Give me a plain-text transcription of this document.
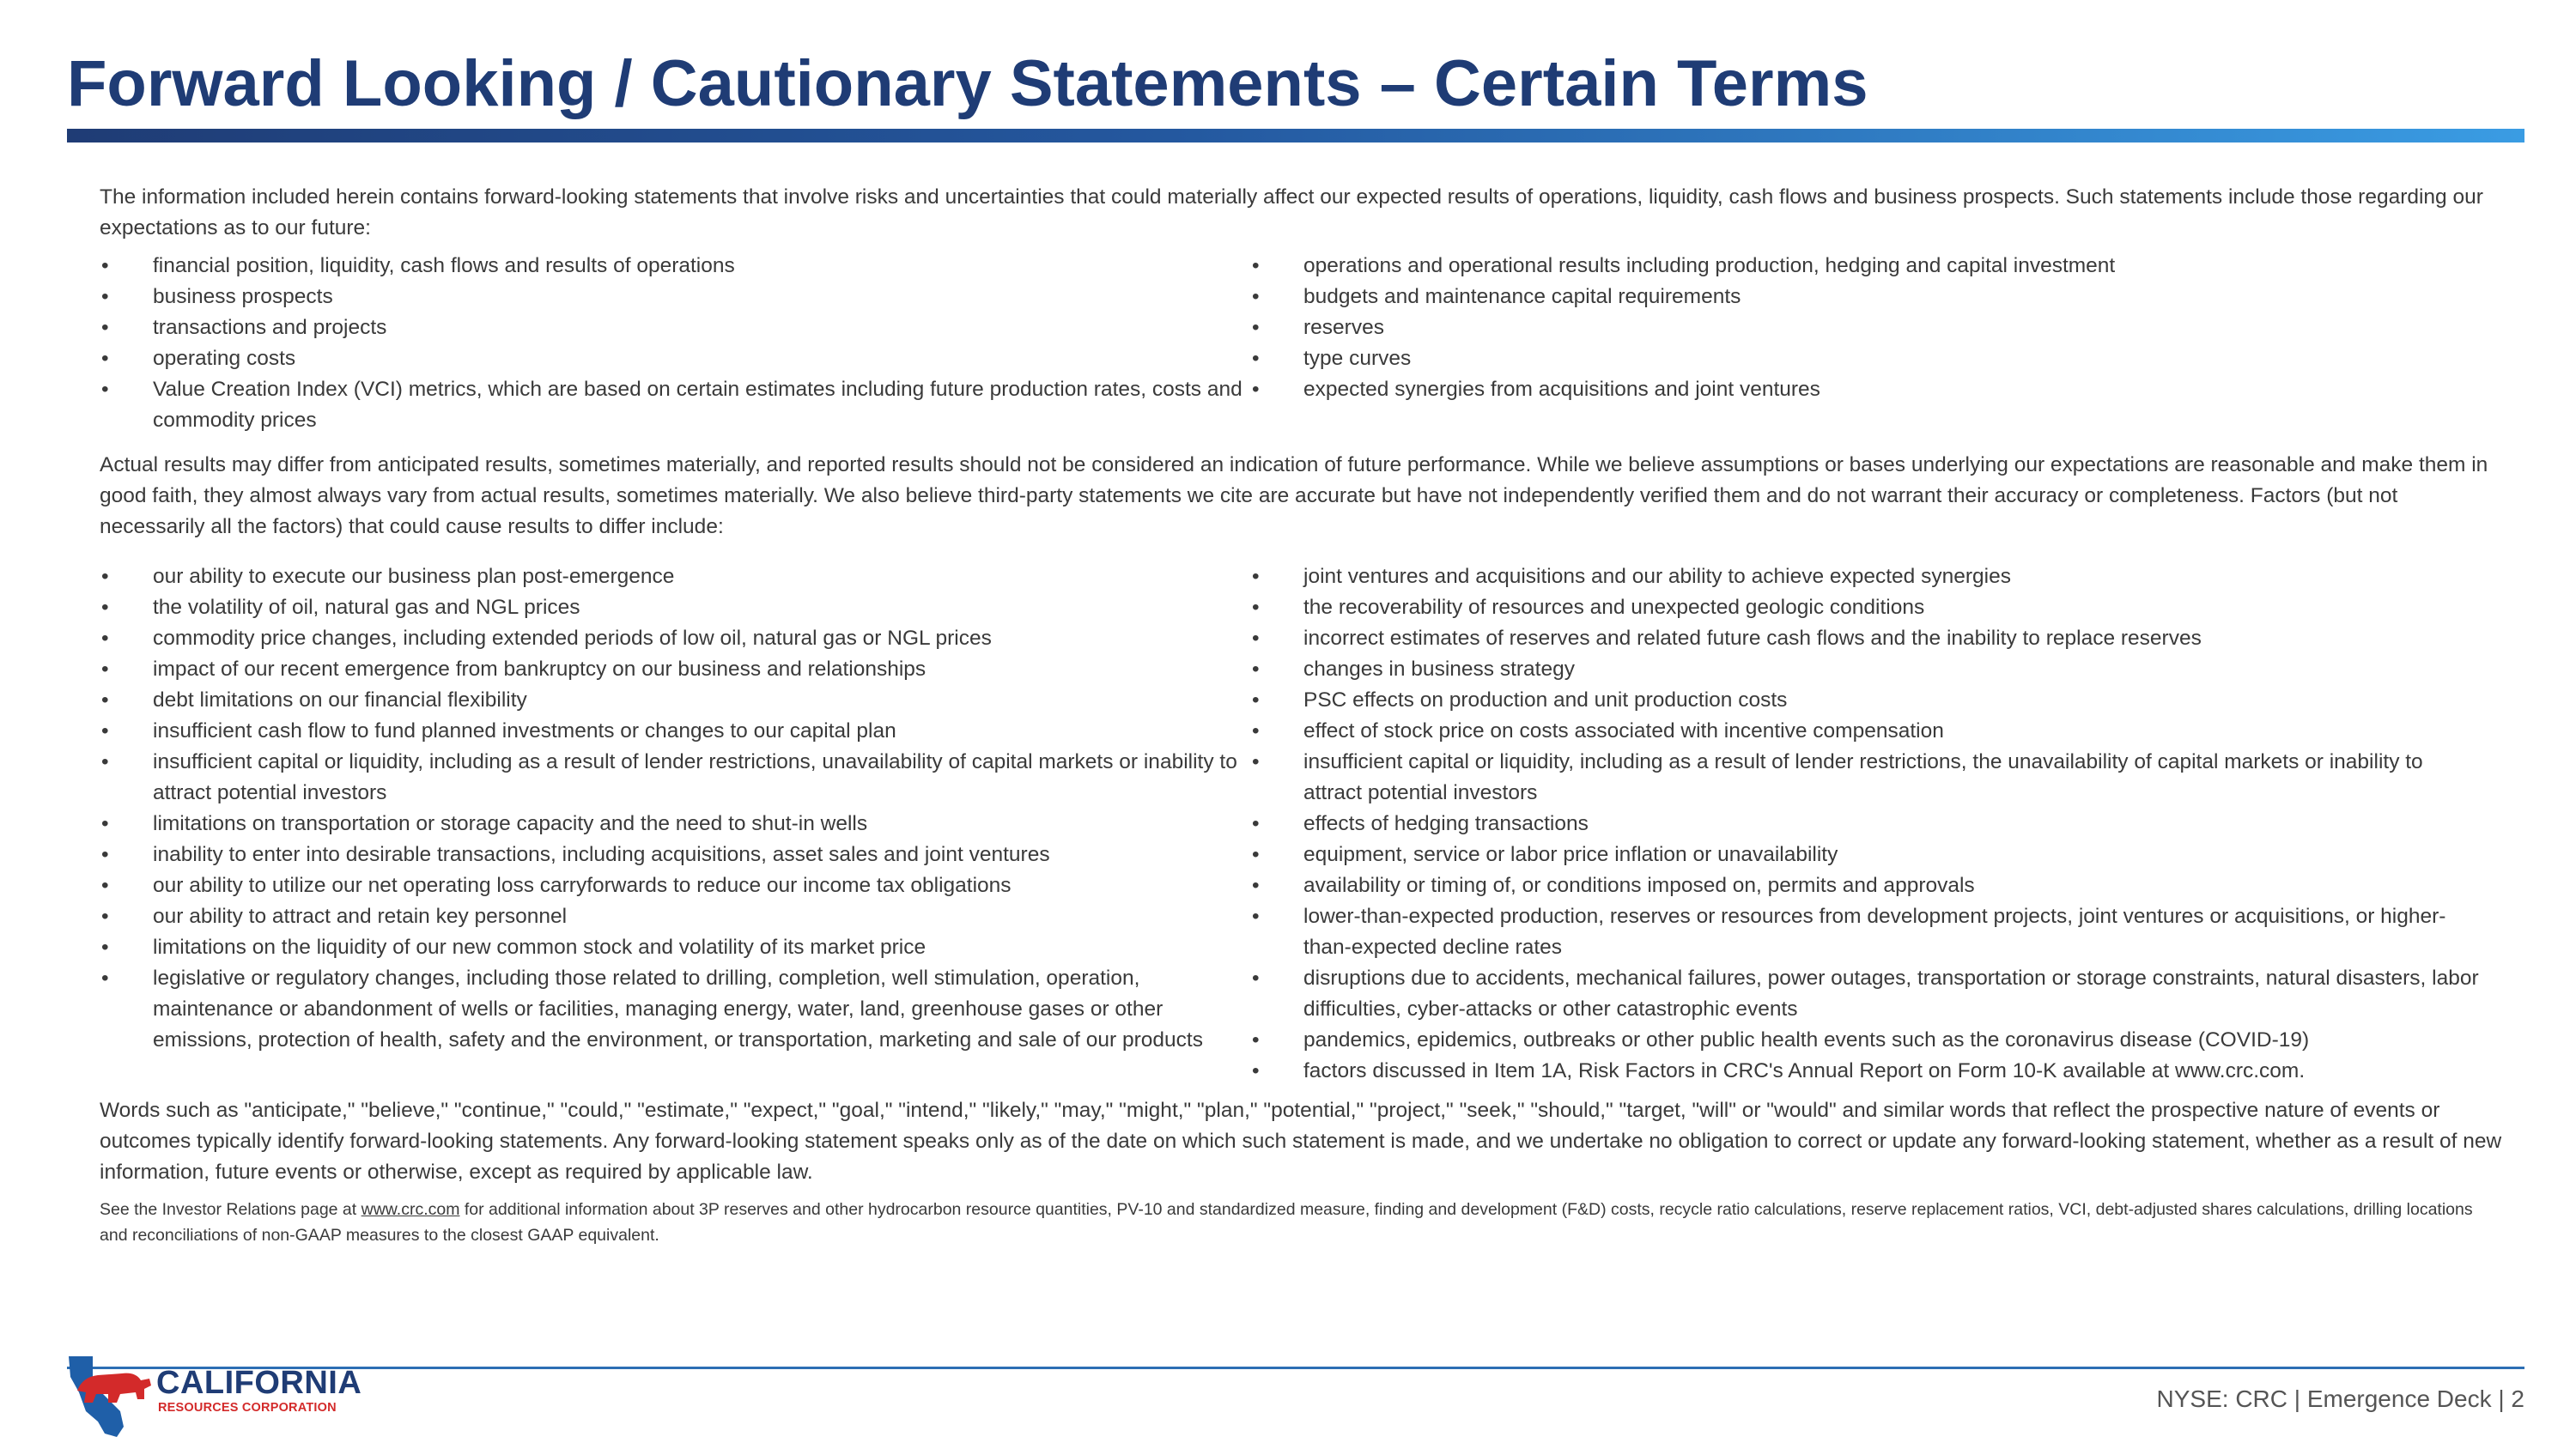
Forward Looking / Cautionary Statements – Certain Terms

The information included herein contains forward-looking statements that involve risks and uncertainties that could materially affect our expected results of operations, liquidity, cash flows and business prospects. Such statements include those regarding our expectations as to our future:

• financial position, liquidity, cash flows and results of operations
• business prospects
• transactions and projects
• operating costs
• Value Creation Index (VCI) metrics, which are based on certain estimates including future production rates, costs and commodity prices
• operations and operational results including production, hedging and capital investment
• budgets and maintenance capital requirements
• reserves
• type curves
• expected synergies from acquisitions and joint ventures

Actual results may differ from anticipated results, sometimes materially, and reported results should not be considered an indication of future performance. While we believe assumptions or bases underlying our expectations are reasonable and make them in good faith, they almost always vary from actual results, sometimes materially. We also believe third-party statements we cite are accurate but have not independently verified them and do not warrant their accuracy or completeness. Factors (but not necessarily all the factors) that could cause results to differ include:

• our ability to execute our business plan post-emergence
• the volatility of oil, natural gas and NGL prices
• commodity price changes, including extended periods of low oil, natural gas or NGL prices
• impact of our recent emergence from bankruptcy on our business and relationships
• debt limitations on our financial flexibility
• insufficient cash flow to fund planned investments or changes to our capital plan
• insufficient capital or liquidity, including as a result of lender restrictions, unavailability of capital markets or inability to attract potential investors
• limitations on transportation or storage capacity and the need to shut-in wells
• inability to enter into desirable transactions, including acquisitions, asset sales and joint ventures
• our ability to utilize our net operating loss carryforwards to reduce our income tax obligations
• our ability to attract and retain key personnel
• limitations on the liquidity of our new common stock and volatility of its market price
• legislative or regulatory changes, including those related to drilling, completion, well stimulation, operation, maintenance or abandonment of wells or facilities, managing energy, water, land, greenhouse gases or other emissions, protection of health, safety and the environment, or transportation, marketing and sale of our products
• joint ventures and acquisitions and our ability to achieve expected synergies
• the recoverability of resources and unexpected geologic conditions
• incorrect estimates of reserves and related future cash flows and the inability to replace reserves
• changes in business strategy
• PSC effects on production and unit production costs
• effect of stock price on costs associated with incentive compensation
• insufficient capital or liquidity, including as a result of lender restrictions, the unavailability of capital markets or inability to attract potential investors
• effects of hedging transactions
• equipment, service or labor price inflation or unavailability
• availability or timing of, or conditions imposed on, permits and approvals
• lower-than-expected production, reserves or resources from development projects, joint ventures or acquisitions, or higher-than-expected decline rates
• disruptions due to accidents, mechanical failures, power outages, transportation or storage constraints, natural disasters, labor difficulties, cyber-attacks or other catastrophic events
• pandemics, epidemics, outbreaks or other public health events such as the coronavirus disease (COVID-19)
• factors discussed in Item 1A, Risk Factors in CRC's Annual Report on Form 10-K available at www.crc.com.

Words such as "anticipate," "believe," "continue," "could," "estimate," "expect," "goal," "intend," "likely," "may," "might," "plan," "potential," "project," "seek," "should," "target, "will" or "would" and similar words that reflect the prospective nature of events or outcomes typically identify forward-looking statements. Any forward-looking statement speaks only as of the date on which such statement is made, and we undertake no obligation to correct or update any forward-looking statement, whether as a result of new information, future events or otherwise, except as required by applicable law.

See the Investor Relations page at www.crc.com for additional information about 3P reserves and other hydrocarbon resource quantities, PV-10 and standardized measure, finding and development (F&D) costs, recycle ratio calculations, reserve replacement ratios, VCI, debt-adjusted shares calculations, drilling locations and reconciliations of non-GAAP measures to the closest GAAP equivalent.

CALIFORNIA
RESOURCES CORPORATION	NYSE: CRC | Emergence Deck | 2
